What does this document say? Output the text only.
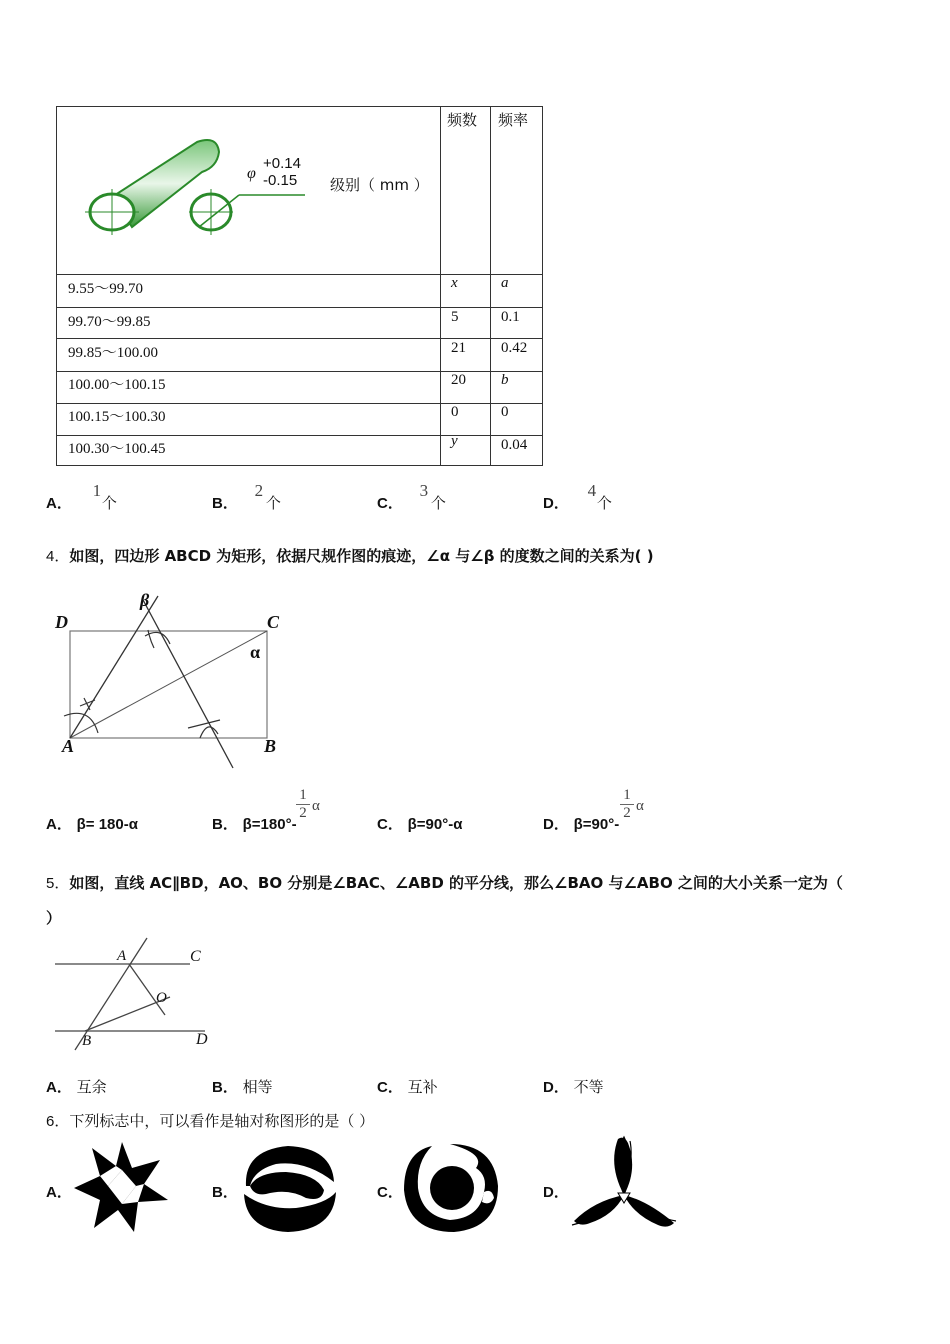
φ
+0.14
-0.15 级别（ mm ）
频数 频率
9.55～99.70	x	a
99.70～99.85	5	0.1
99.85～100.00	21 0.42
100.00～100.15	20 b
100.15～100.30	0	0
100.30～100.45	y	0.04
A． 1 个	B． 2 个	C． 3 个	D． 4 个
4．如图，四边形 ABCD 为矩形，依据尺规作图的痕迹，∠α 与∠β 的度数之间的关系为( )
D	C
A	B
α
β
A． β= 180-α	B． β=180°-
$\frac{1}{2}$ α
C． β=90°-α	D． β=90°-
$\frac{1}{2}$ α
5．如图，直线 AC∥BD，AO、BO 分别是∠BAC、∠ABD 的平分线，那么∠BAO 与∠ABO 之间的大小关系一定为（
）
A	C
O
B	D
A． 互余	B． 相等	C． 互补	D． 不等
6．下列标志中，可以看作是轴对称图形的是（ ）
A．	B．	C．	D．
